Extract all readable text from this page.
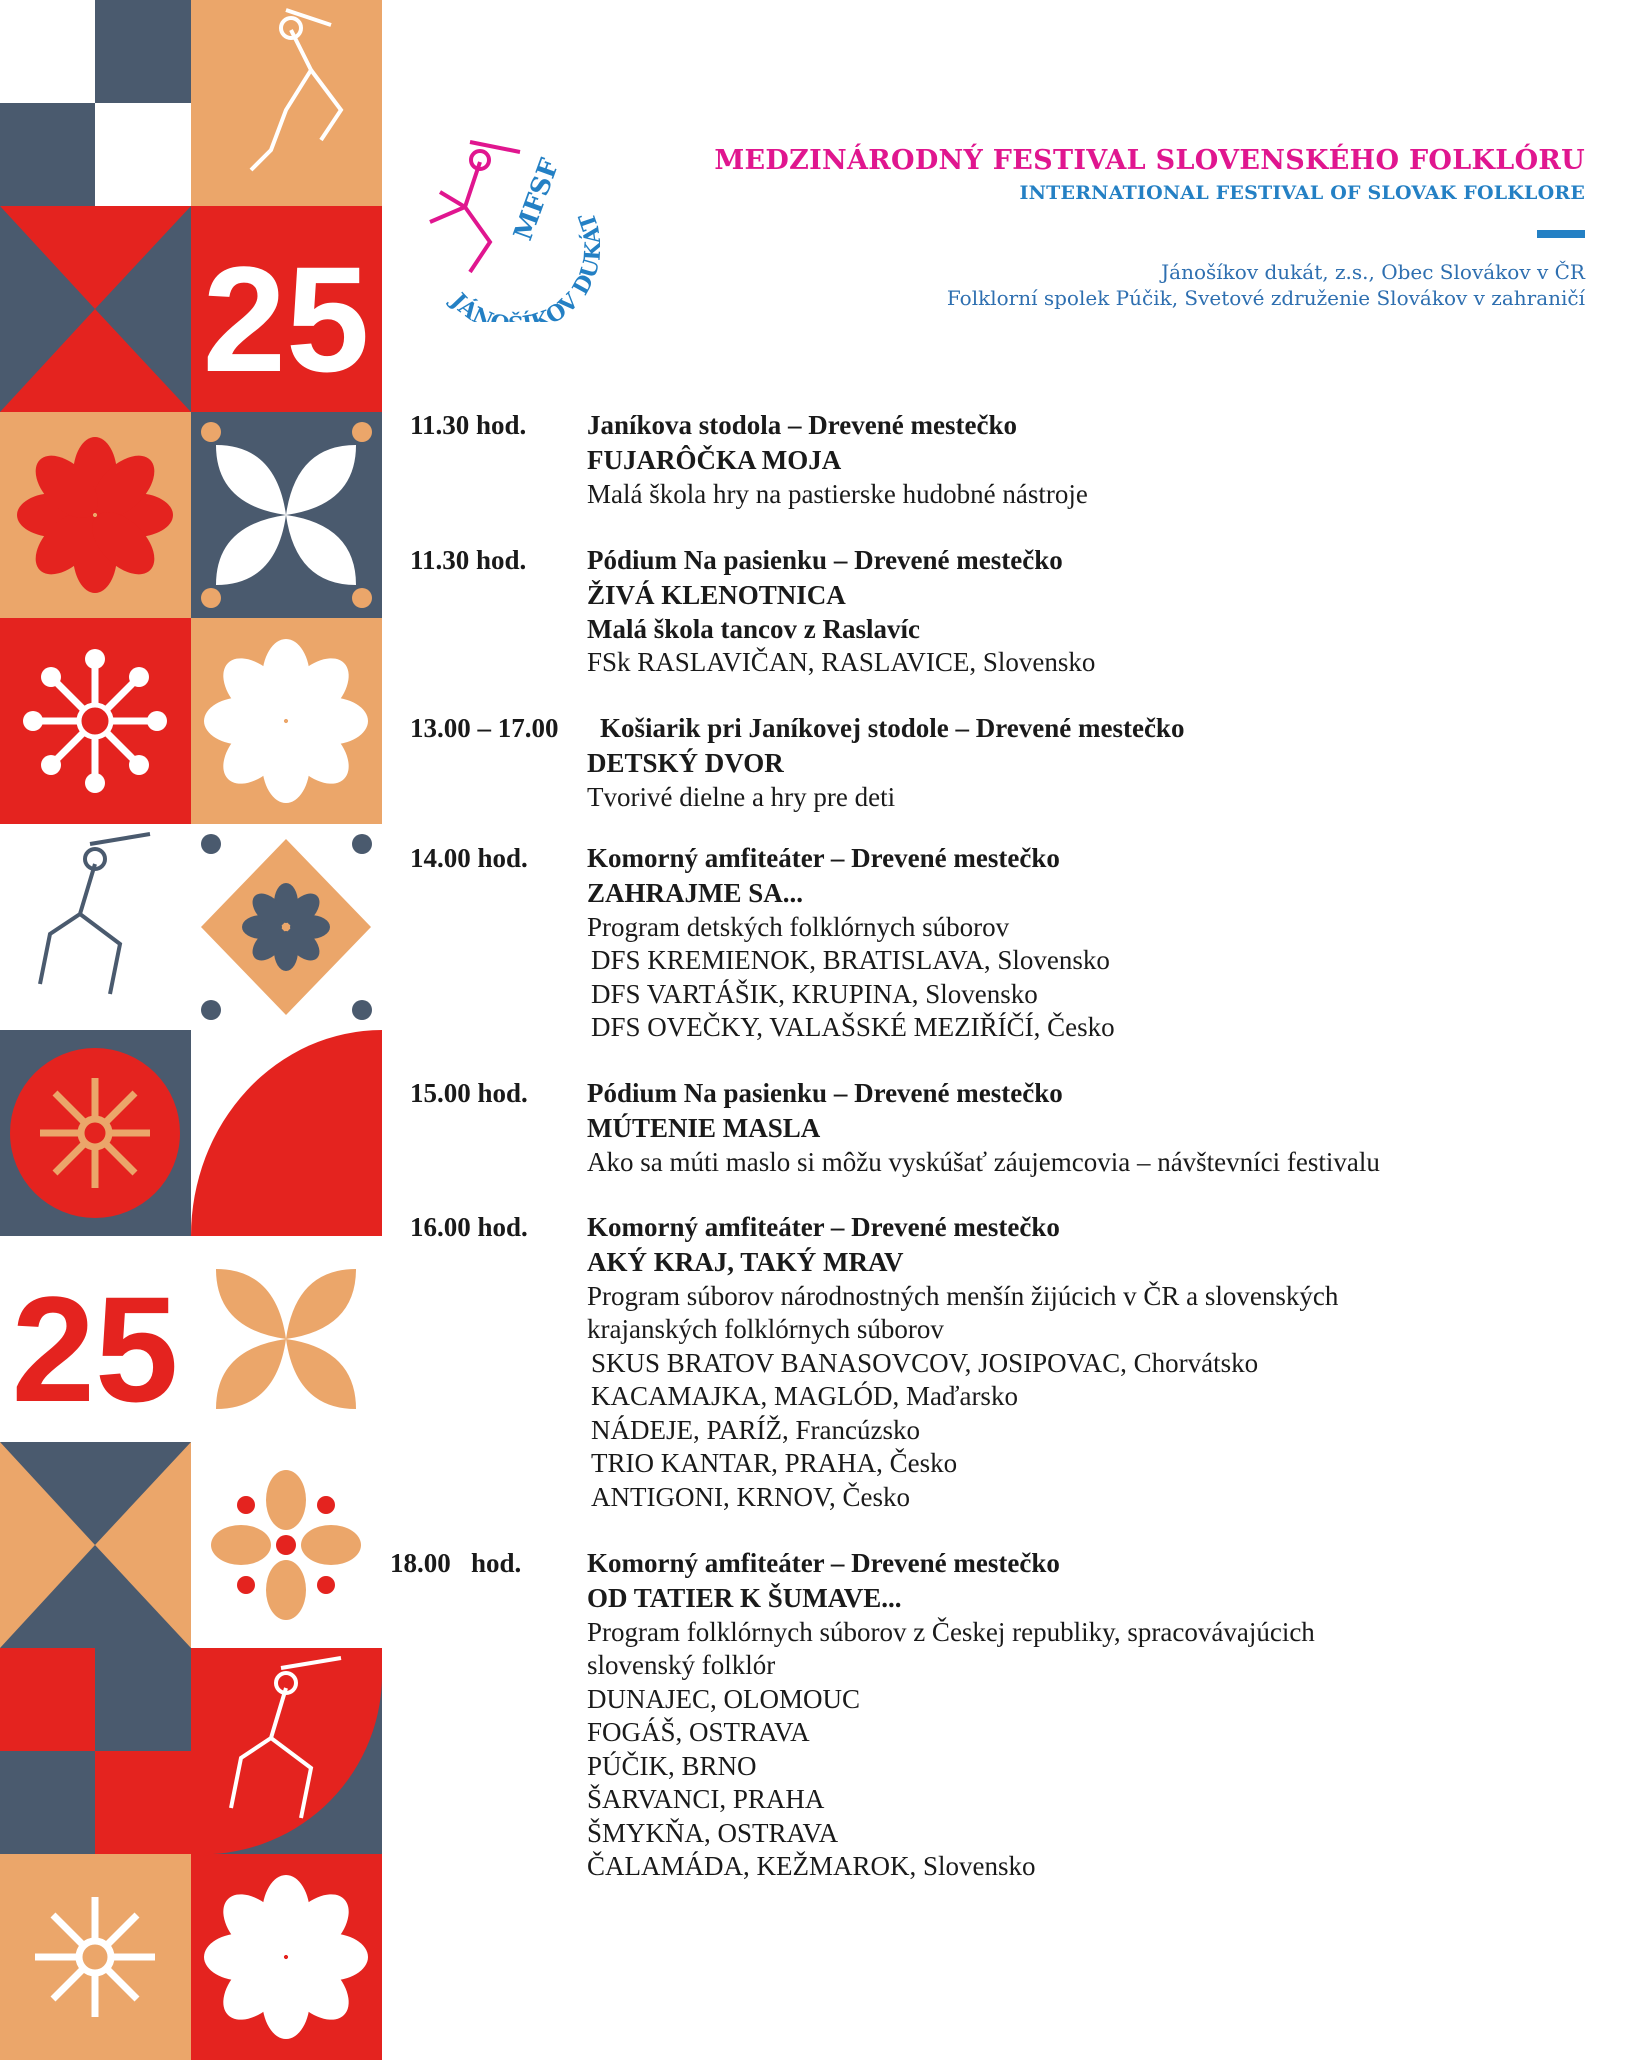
25
25
MFSF
JÁN KOV D
MEDZINÁRODNÝ FESTIVAL SLOVENSKÉHO FOLKLÓRU
INTERNATIONAL FESTIVAL OF SLOVAK FOLKLORE
Jánošíkov dukát, z.s., Obec Slovákov v ČR
Folklorní spolek Púčik, Svetové združenie Slovákov v zahraničí
11.30 hod. Janíkova stodola – Drevené mestečko
FUJARÔČKA MOJA
Malá škola hry na pastierske hudobné nástroje
11.30 hod. Pódium Na pasienku – Drevené mestečko
ŽIVÁ KLENOTNICA
Malá škola tancov z Raslavíc
FSk RASLAVIČAN, RASLAVICE, Slovensko
13.00 – 17.00 Košiarik pri Janíkovej stodole – Drevené mestečko
DETSKÝ DVOR
Tvorivé dielne a hry pre deti
14.00 hod. Komorný amfiteáter – Drevené mestečko
ZAHRAJME SA...
Program detských folklórnych súborov
DFS KREMIENOK, BRATISLAVA, Slovensko
DFS VARTÁŠIK, KRUPINA, Slovensko
DFS OVEČKY, VALAŠSKÉ MEZIŘÍČÍ, Česko
15.00 hod. Pódium Na pasienku – Drevené mestečko
MÚTENIE MASLA
Ako sa múti maslo si môžu vyskúšať záujemcovia – návštevníci festivalu
16.00 hod. Komorný amfiteáter – Drevené mestečko
AKÝ KRAJ, TAKÝ MRAV
Program súborov národnostných menšín žijúcich v ČR a slovenských
krajanských folklórnych súborov
SKUS BRATOV BANASOVCOV, JOSIPOVAC, Chorvátsko
KACAMAJKA, MAGLÓD, Maďarsko
NÁDEJE, PARÍŽ, Francúzsko
TRIO KANTAR, PRAHA, Česko
ANTIGONI, KRNOV, Česko
18.00   hod. Komorný amfiteáter – Drevené mestečko
OD TATIER K ŠUMAVE...
Program folklórnych súborov z Českej republiky, spracovávajúcich
slovenský folklór
DUNAJEC, OLOMOUC
FOGÁŠ, OSTRAVA
PÚČIK, BRNO
ŠARVANCI, PRAHA
ŠMYKŇA, OSTRAVA
ČALAMÁDA, KEŽMAROK, Slovensko
